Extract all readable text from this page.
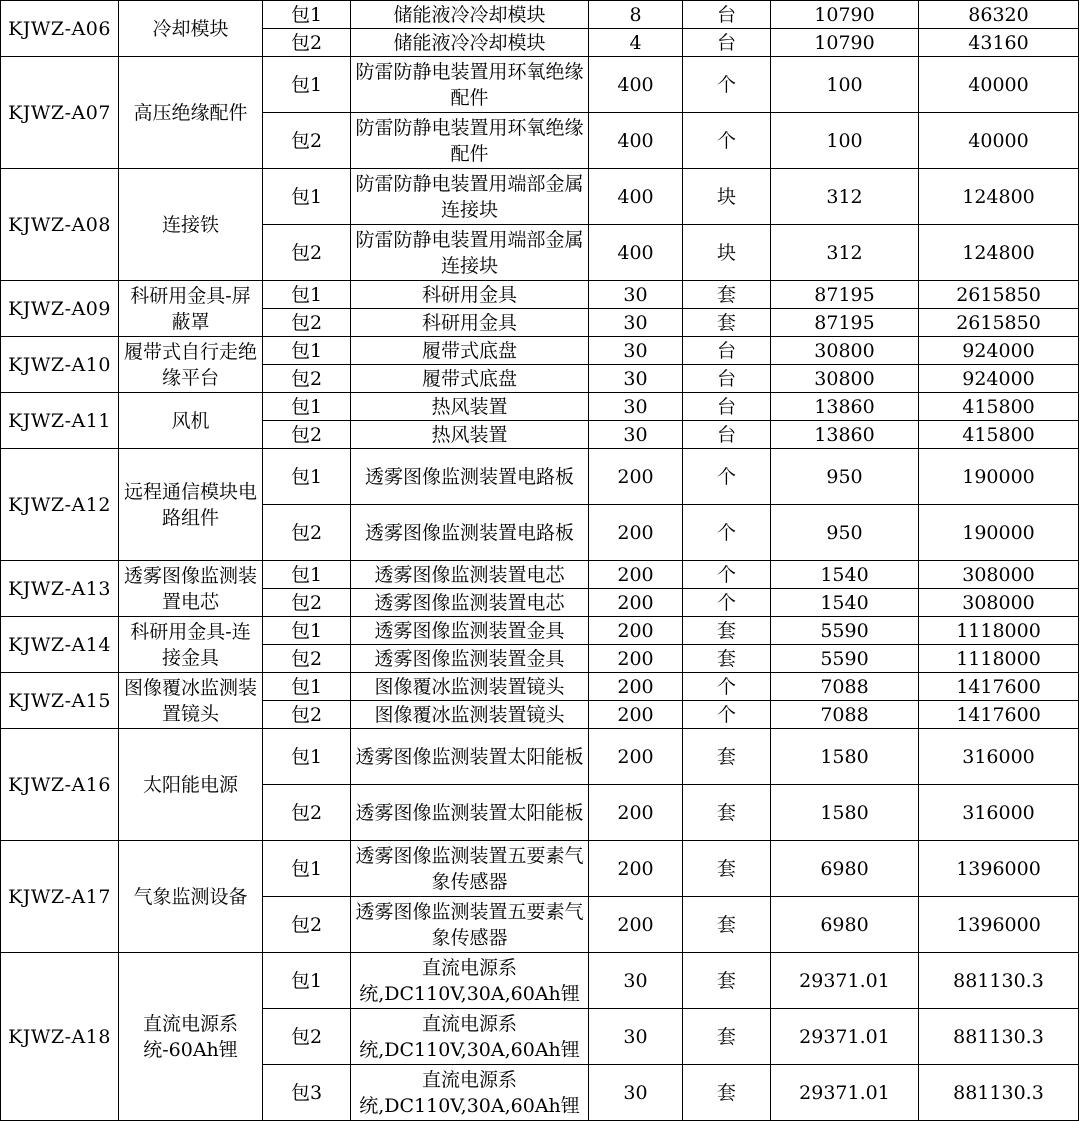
KJWZ-A06	冷却模块	包1	储能液冷冷却模块	8	台	10790	86320
		包2	储能液冷冷却模块	4	台	10790	43160
KJWZ-A07	高压绝缘配件	包1	防雷防静电装置用环氧绝缘配件	400	个	100	40000
		包2	防雷防静电装置用环氧绝缘配件	400	个	100	40000
KJWZ-A08	连接铁	包1	防雷防静电装置用端部金属连接块	400	块	312	124800
		包2	防雷防静电装置用端部金属连接块	400	块	312	124800
KJWZ-A09	科研用金具-屏蔽罩	包1	科研用金具	30	套	87195	2615850
		包2	科研用金具	30	套	87195	2615850
KJWZ-A10	履带式自行走绝缘平台	包1	履带式底盘	30	台	30800	924000
		包2	履带式底盘	30	台	30800	924000
KJWZ-A11	风机	包1	热风装置	30	台	13860	415800
		包2	热风装置	30	台	13860	415800
KJWZ-A12	远程通信模块电路组件	包1	透雾图像监测装置电路板	200	个	950	190000
		包2	透雾图像监测装置电路板	200	个	950	190000
KJWZ-A13	透雾图像监测装置电芯	包1	透雾图像监测装置电芯	200	个	1540	308000
		包2	透雾图像监测装置电芯	200	个	1540	308000
KJWZ-A14	科研用金具-连接金具	包1	透雾图像监测装置金具	200	套	5590	1118000
		包2	透雾图像监测装置金具	200	套	5590	1118000
KJWZ-A15	图像覆冰监测装置镜头	包1	图像覆冰监测装置镜头	200	个	7088	1417600
		包2	图像覆冰监测装置镜头	200	个	7088	1417600
KJWZ-A16	太阳能电源	包1	透雾图像监测装置太阳能板	200	套	1580	316000
		包2	透雾图像监测装置太阳能板	200	套	1580	316000
KJWZ-A17	气象监测设备	包1	透雾图像监测装置五要素气象传感器	200	套	6980	1396000
		包2	透雾图像监测装置五要素气象传感器	200	套	6980	1396000
KJWZ-A18	直流电源系统-60Ah锂	包1	直流电源系统,DC110V,30A,60Ah锂	30	套	29371.01	881130.3
		包2	直流电源系统,DC110V,30A,60Ah锂	30	套	29371.01	881130.3
		包3	直流电源系统,DC110V,30A,60Ah锂	30	套	29371.01	881130.3
